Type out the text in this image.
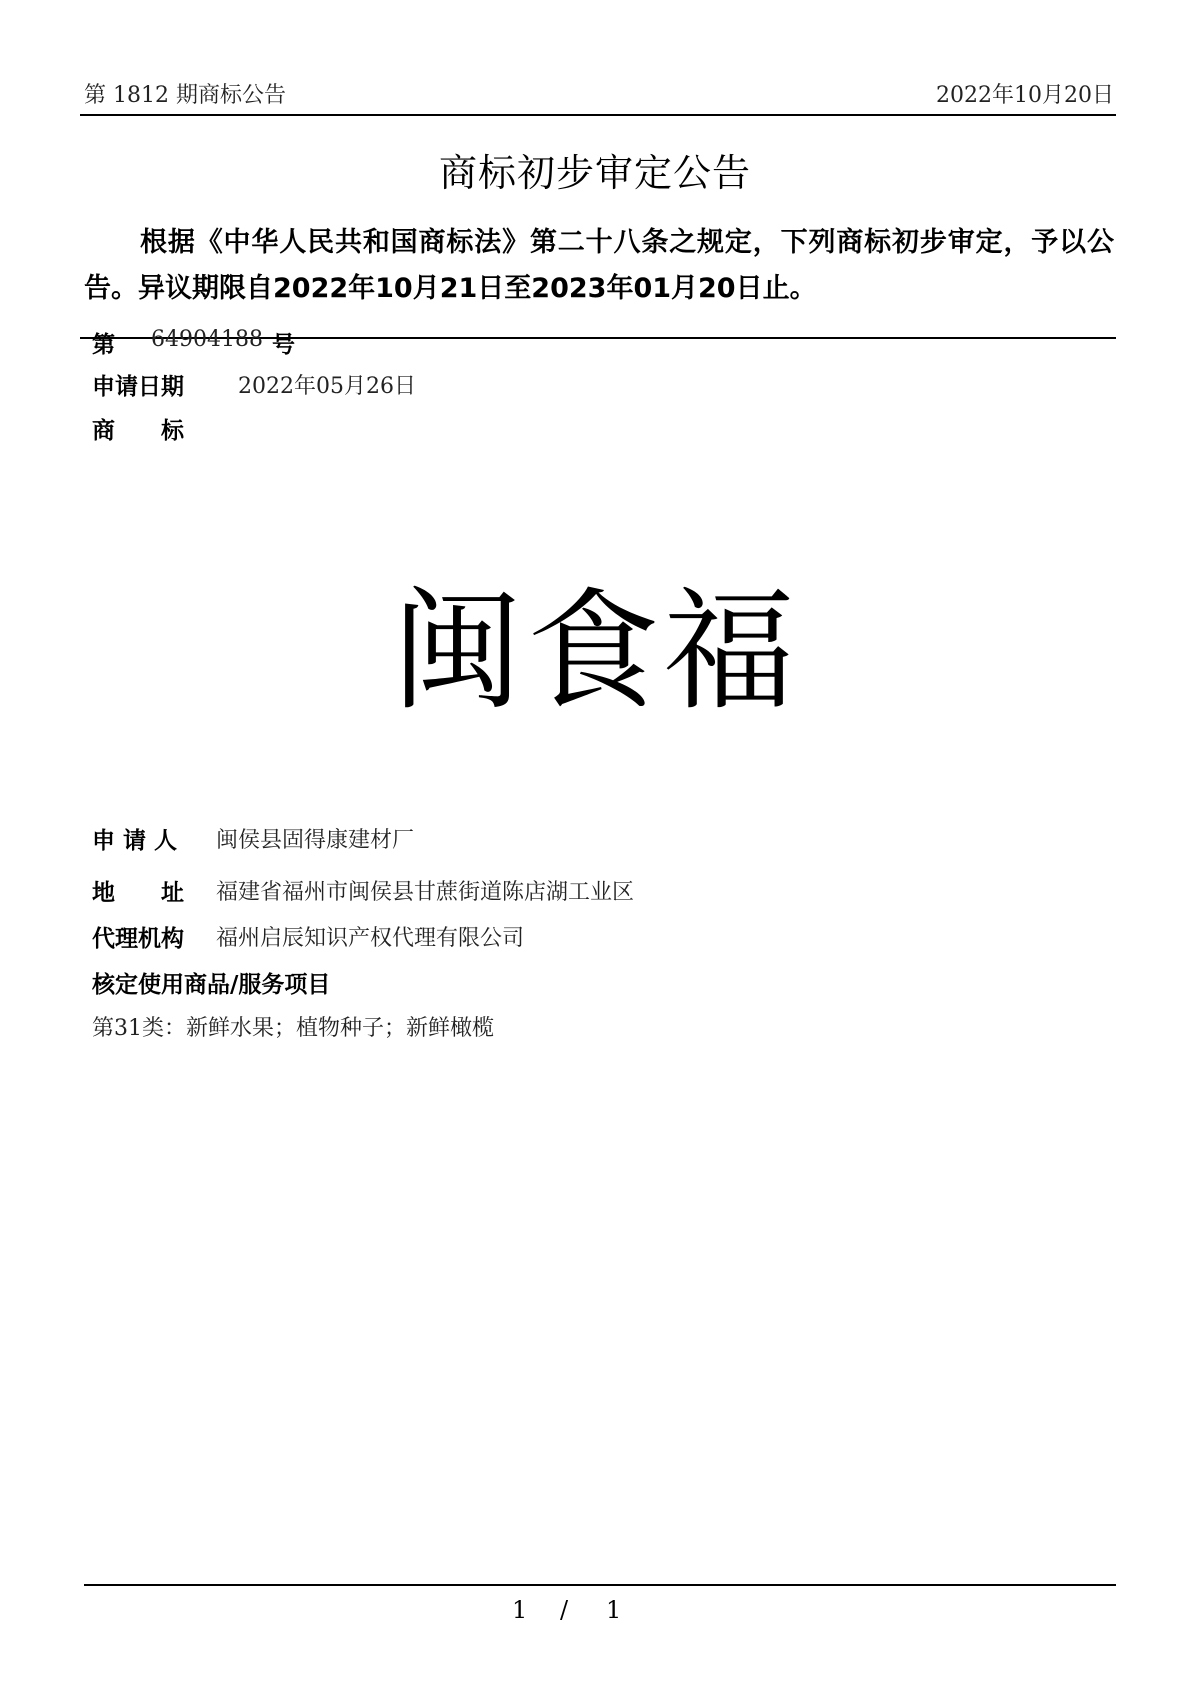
第 1812 期商标公告	2022年10月20日
商标初步审定公告

根据《中华人民共和国商标法》第二十八条之规定，下列商标初步审定，予以公告。异议期限自2022年10月21日至2023年01月20日止。

第 64904188 号
申请日期 2022年05月26日
商　　标
闽食福
申 请 人 闽侯县固得康建材厂
地　　址 福建省福州市闽侯县甘蔗街道陈店湖工业区
代理机构 福州启辰知识产权代理有限公司
核定使用商品/服务项目
第31类：新鲜水果；植物种子；新鲜橄榄
1 / 1
